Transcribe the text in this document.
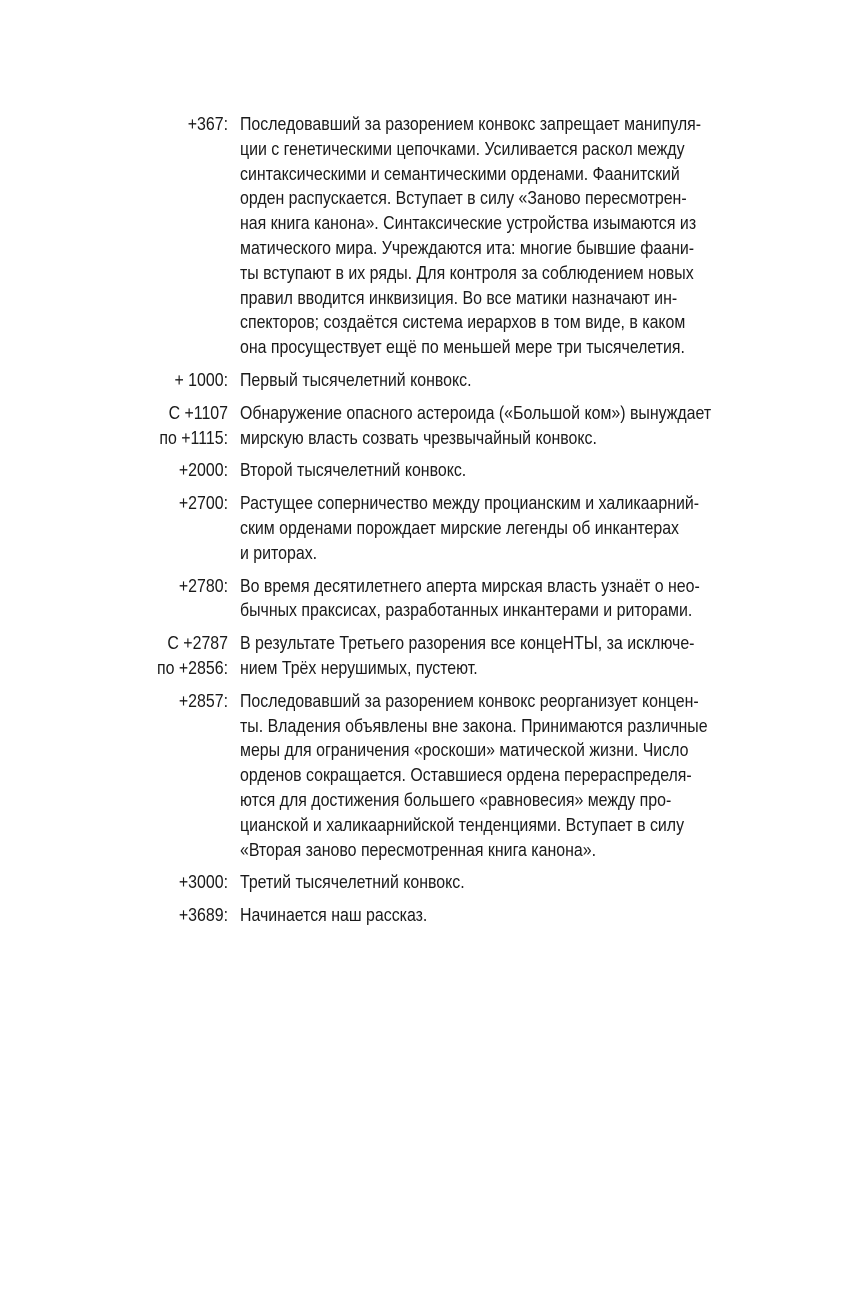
+367: Последовавший за разорением конвокс запрещает манипуля-
ции с генетическими цепочками. Усиливается раскол между
синтаксическими и семантическими орденами. Фаанитский
орден распускается. Вступает в силу «Заново пересмотрен-
ная книга канона». Синтаксические устройства изымаются из
матического мира. Учреждаются ита: многие бывшие фаани-
ты вступают в их ряды. Для контроля за соблюдением новых
правил вводится инквизиция. Во все матики назначают ин-
спекторов; создаётся система иерархов в том виде, в каком
она просуществует ещё по меньшей мере три тысячелетия.
+ 1000: Первый тысячелетний конвокс.
С +1107
по +1115:
Обнаружение опасного астероида («Большой ком») вынуждает
мирскую власть созвать чрезвычайный конвокс.
+2000: Второй тысячелетний конвокс.
+2700: Растущее соперничество между процианским и халикаарний-
ским орденами порождает мирские легенды об инкантерах
и риторах.
+2780: Во время десятилетнего аперта мирская власть узнаёт о нео-
бычных праксисах, разработанных инкантерами и риторами.
С +2787
по +2856:
В результате Третьего разорения все концеНТЫ, за исключе-
нием Трёх нерушимых, пустеют.
+2857: Последовавший за разорением конвокс реорганизует концен-
ты. Владения объявлены вне закона. Принимаются различные
меры для ограничения «роскоши» матической жизни. Число
орденов сокращается. Оставшиеся ордена перераспределя-
ются для достижения большего «равновесия» между про-
цианской и халикаарнийской тенденциями. Вступает в силу
«Вторая заново пересмотренная книга канона».
+3000: Третий тысячелетний конвокс.
+3689: Начинается наш рассказ.
